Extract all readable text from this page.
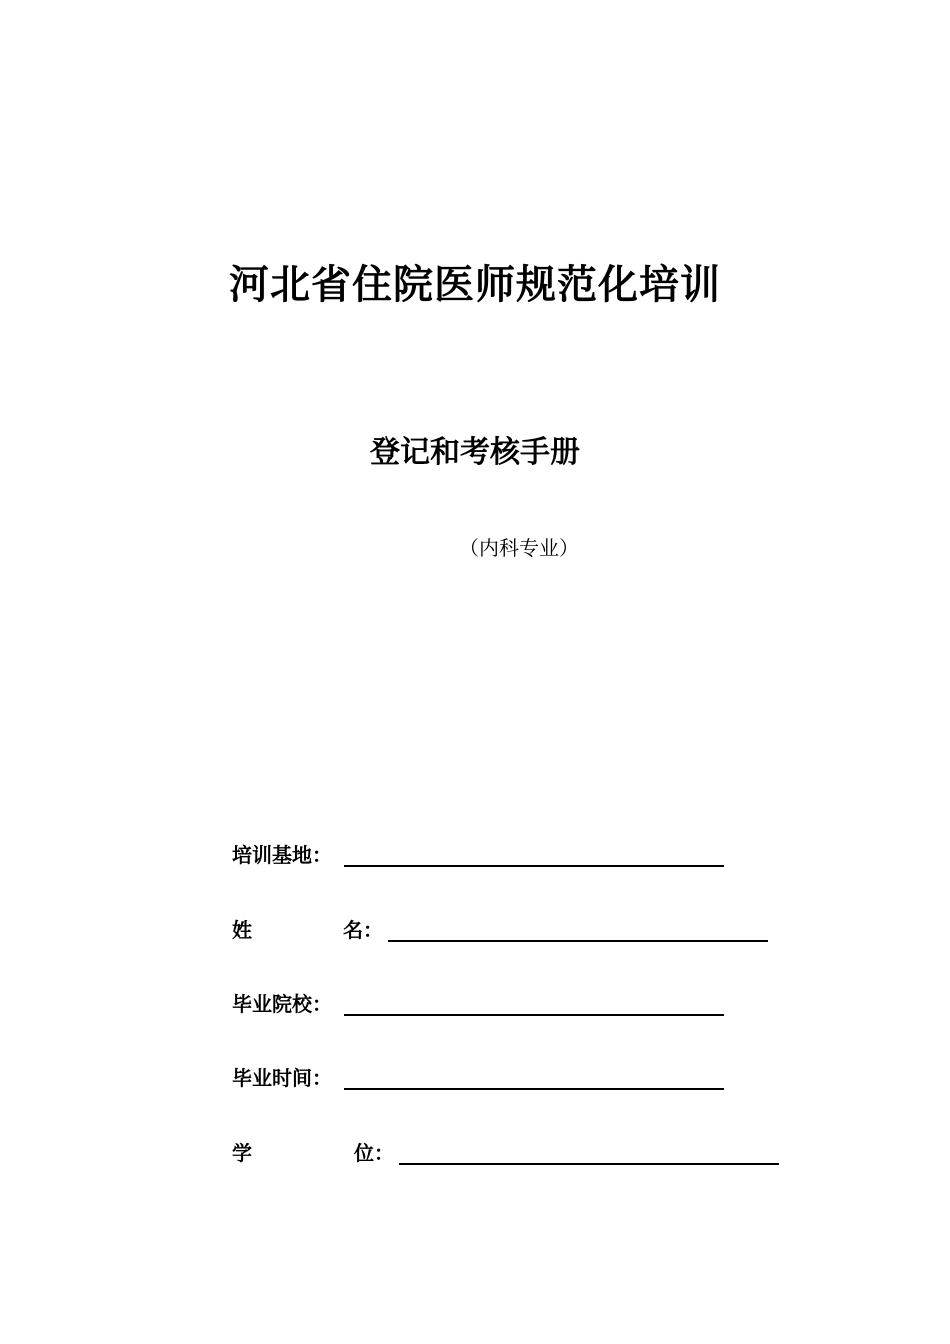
河北省住院医师规范化培训
登记和考核手册
（内科专业）
培训基地：
姓	名：
毕业院校：
毕业时间：
学	位：
